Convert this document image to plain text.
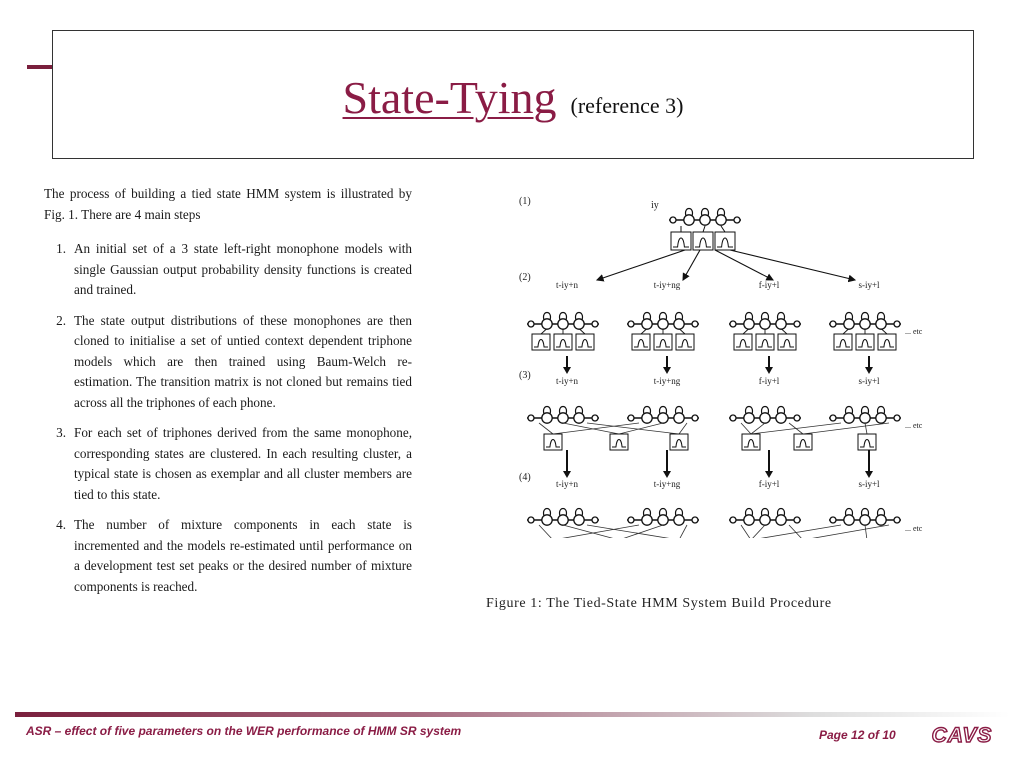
State-Tying (reference 3)

The process of building a tied state HMM system is illustrated by Fig. 1. There are 4 main steps

1. An initial set of a 3 state left-right monophone models with single Gaussian output probability density functions is created and trained.
2. The state output distributions of these monophones are then cloned to initialise a set of untied context dependent triphone models which are then trained using Baum-Welch re-estimation. The transition matrix is not cloned but remains tied across all the triphones of each phone.
3. For each set of triphones derived from the same monophone, corresponding states are clustered. In each resulting cluster, a typical state is chosen as exemplar and all cluster members are tied to this state.
4. The number of mixture components in each state is incremented and the models re-estimated until performance on a development test set peaks or the desired number of mixture components is reached.
(1)
(2)
(3)
(4)
iy
t-iy+n	t-iy+ng	f-iy+l	s-iy+l
t-iy+n	t-iy+ng	f-iy+l	s-iy+l
t-iy+n	t-iy+ng	f-iy+l	s-iy+l
... etc
... etc
... etc
Figure 1: The Tied-State HMM System Build Procedure
ASR – effect of five parameters on the WER performance of HMM SR system	Page 12 of 10 CAVS
